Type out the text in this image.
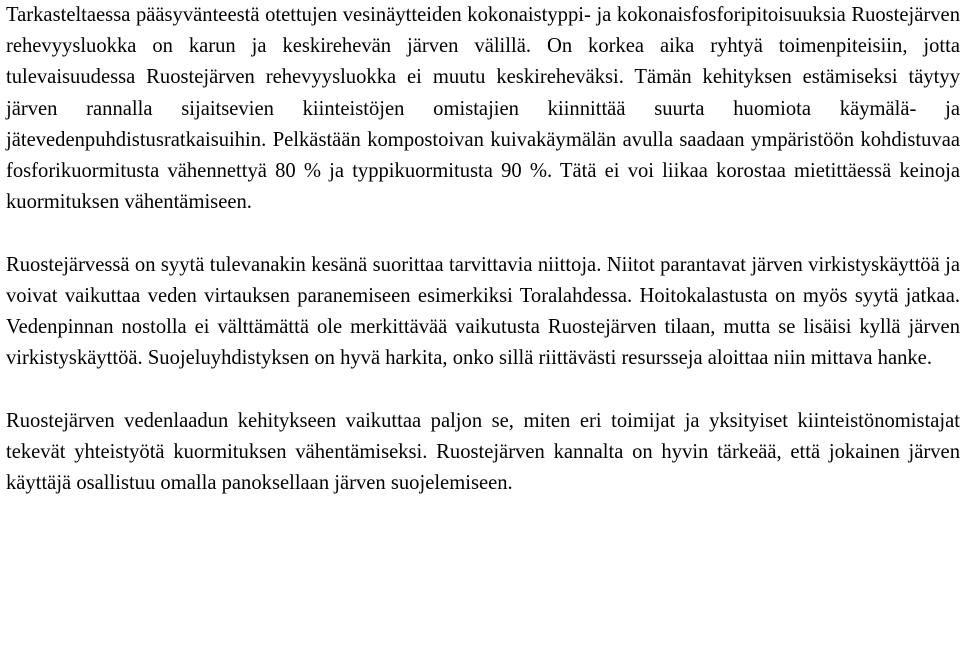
Tarkasteltaessa pääsyvänteestä otettujen vesinäytteiden kokonaistyppi- ja kokonaisfosforipitoisuuksia Ruostejärven rehevyysluokka on karun ja keskirehevän järven välillä. On korkea aika ryhtyä toimenpiteisiin, jotta tulevaisuudessa Ruostejärven rehevyysluokka ei muutu keskireheväksi. Tämän kehityksen estämiseksi täytyy järven rannalla sijaitsevien kiinteistöjen omistajien kiinnittää suurta huomiota käymälä- ja jätevedenpuhdistusratkaisuihin. Pelkästään kompostoivan kuivakäymälän avulla saadaan ympäristöön kohdistuvaa fosforikuormitusta vähennettyä 80 % ja typpikuormitusta 90 %. Tätä ei voi liikaa korostaa mietittäessä keinoja kuormituksen vähentämiseen.

Ruostejärvessä on syytä tulevanakin kesänä suorittaa tarvittavia niittoja. Niitot parantavat järven virkistyskäyttöä ja voivat vaikuttaa veden virtauksen paranemiseen esimerkiksi Toralahdessa. Hoitokalastusta on myös syytä jatkaa. Vedenpinnan nostolla ei välttämättä ole merkittävää vaikutusta Ruostejärven tilaan, mutta se lisäisi kyllä järven virkistyskäyttöä. Suojeluyhdistyksen on hyvä harkita, onko sillä riittävästi resursseja aloittaa niin mittava hanke.

Ruostejärven vedenlaadun kehitykseen vaikuttaa paljon se, miten eri toimijat ja yksityiset kiinteistönomistajat tekevät yhteistyötä kuormituksen vähentämiseksi. Ruostejärven kannalta on hyvin tärkeää, että jokainen järven käyttäjä osallistuu omalla panoksellaan järven suojelemiseen.
